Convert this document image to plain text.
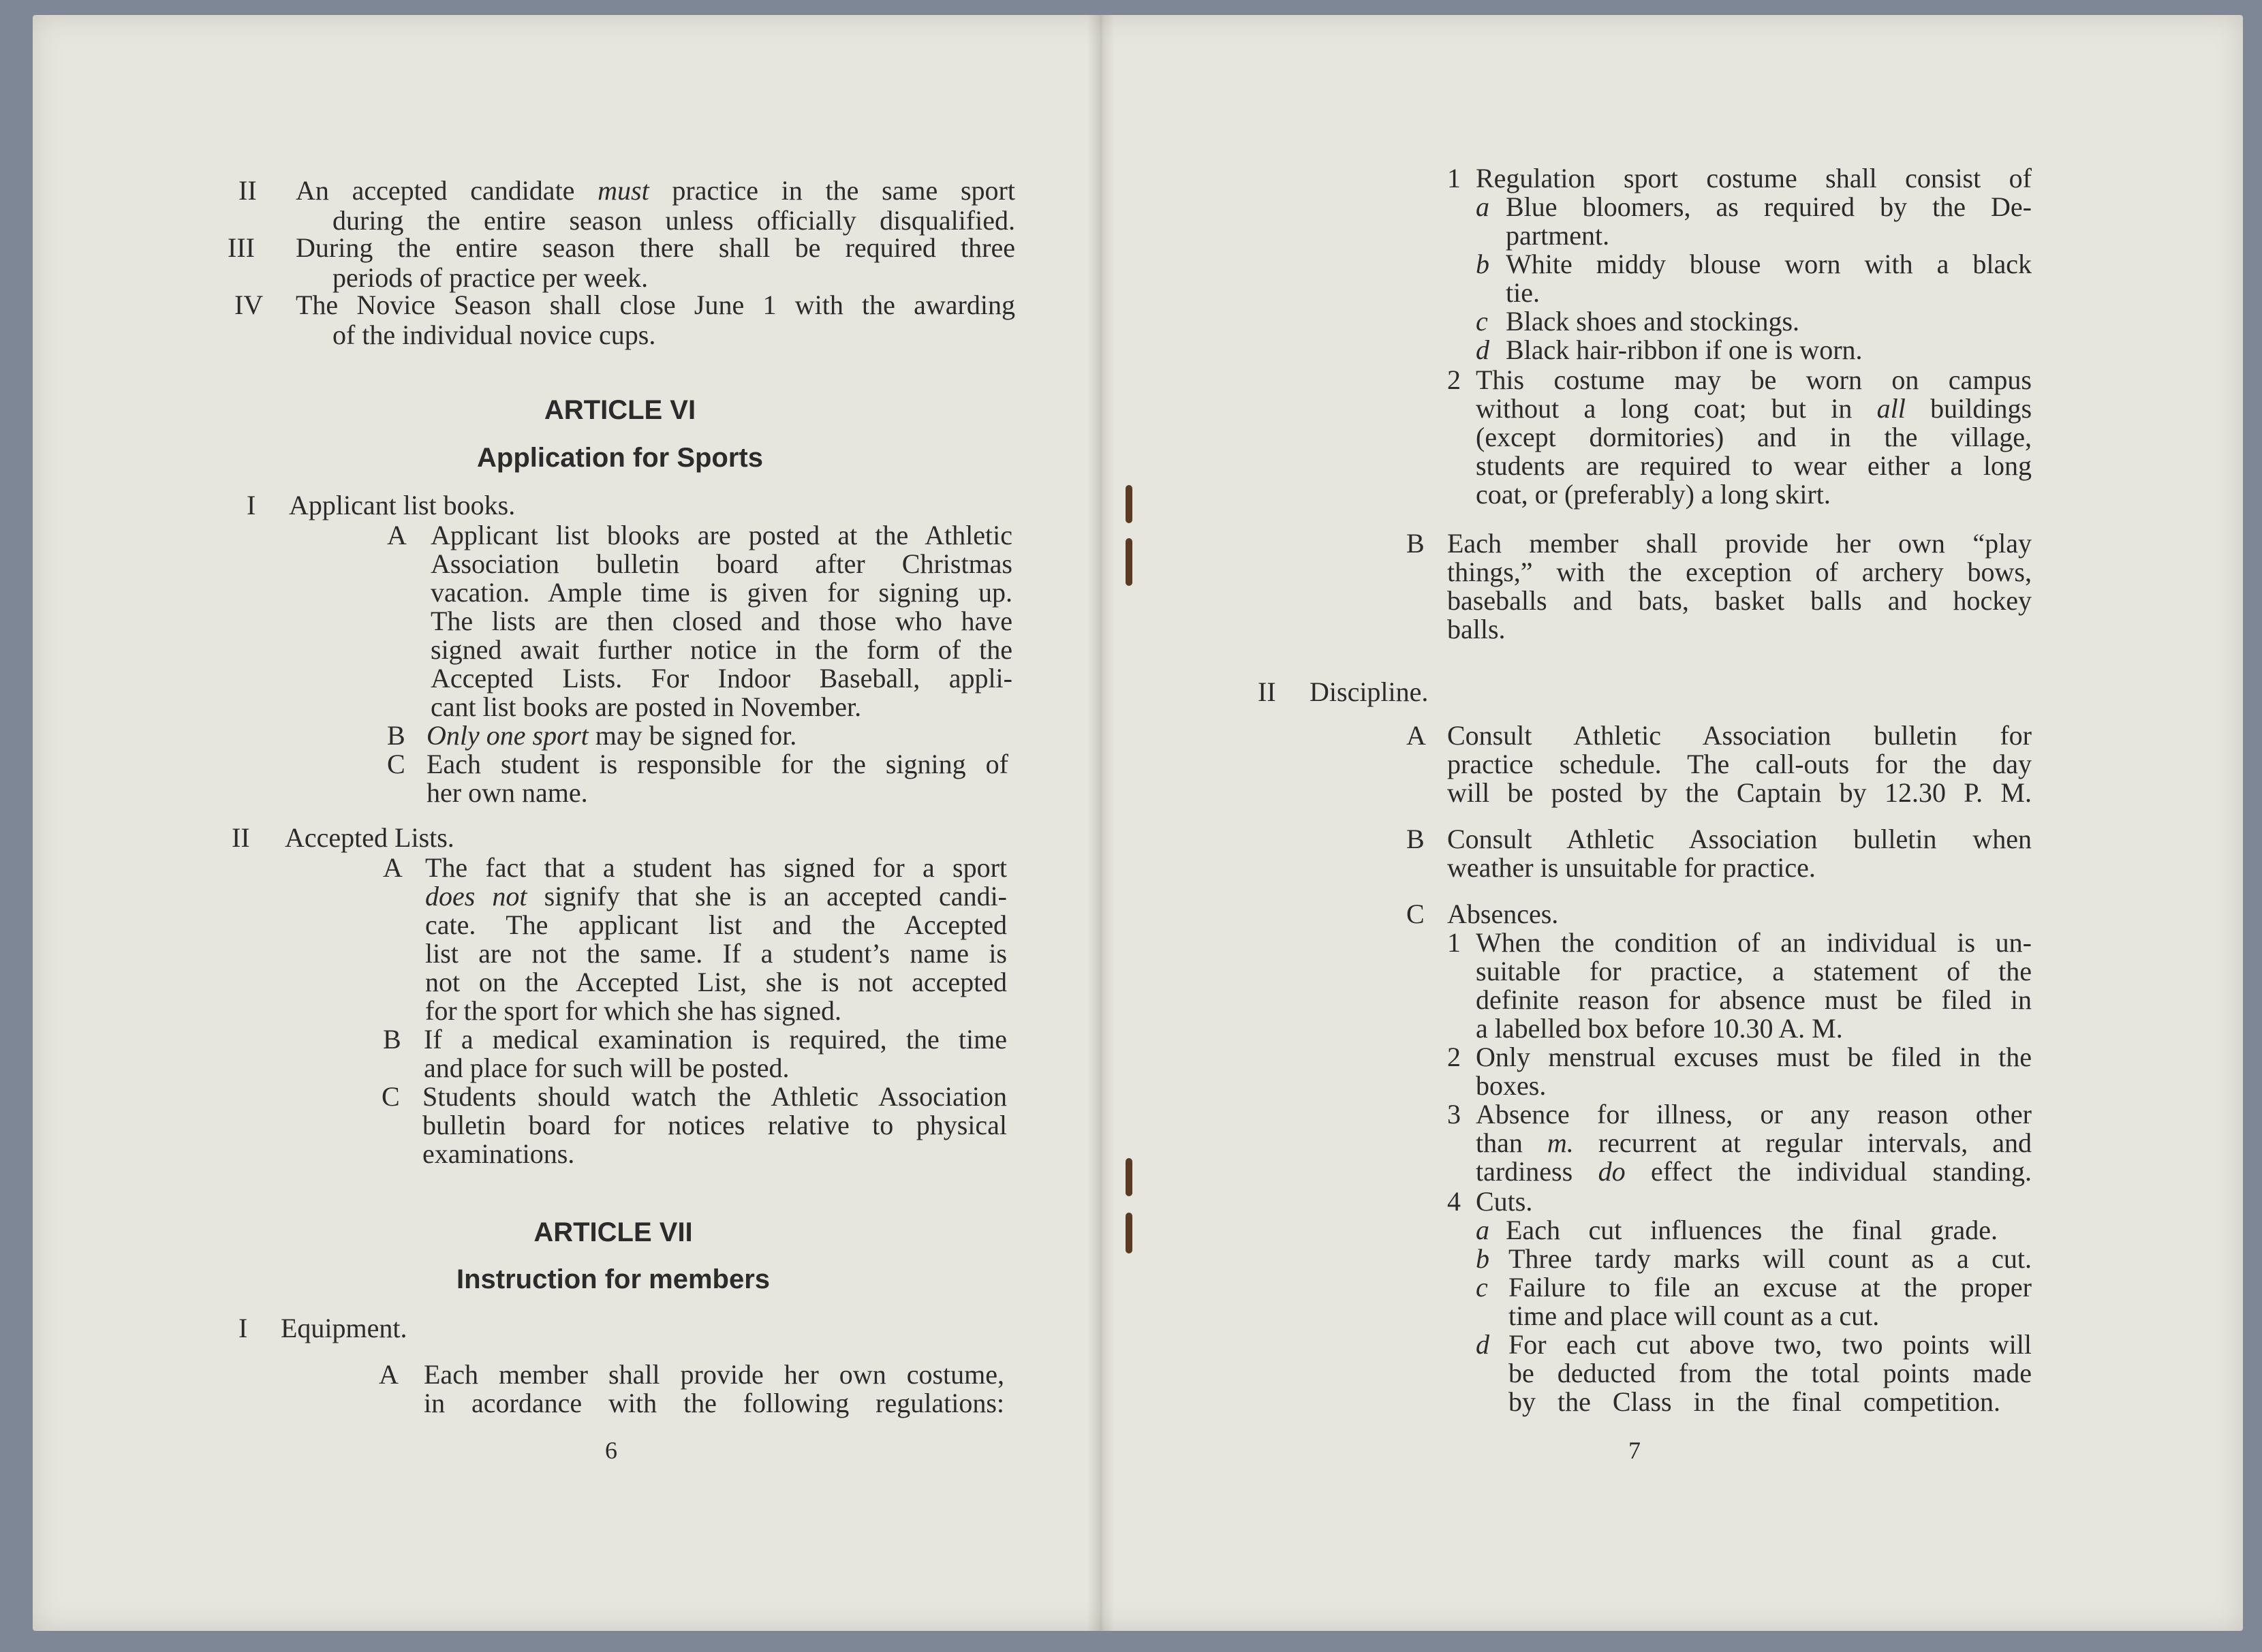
II An accepted candidate must practice in the same sport
during the entire season unless officially disqualified.
III During the entire season there shall be required three
periods of practice per week.
IV The Novice Season shall close June 1 with the awarding
of the individual novice cups.
ARTICLE VI
Application for Sports
I Applicant list books.
A Applicant list blooks are posted at the Athletic
Association bulletin board after Christmas
vacation. Ample time is given for signing up.
The lists are then closed and those who have
signed await further notice in the form of the
Accepted Lists. For Indoor Baseball, appli-
cant list books are posted in November.
B Only one sport may be signed for.
C Each student is responsible for the signing of
her own name.
II Accepted Lists.
A The fact that a student has signed for a sport
does not signify that she is an accepted candi-
cate. The applicant list and the Accepted
list are not the same. If a student’s name is
not on the Accepted List, she is not accepted
for the sport for which she has signed.
B If a medical examination is required, the time
and place for such will be posted.
C Students should watch the Athletic Association
bulletin board for notices relative to physical
examinations.
ARTICLE VII
Instruction for members
I Equipment.
A Each member shall provide her own costume,
in acordance with the following regulations:
6
1 Regulation sport costume shall consist of
a Blue bloomers, as required by the De-
partment.
b White middy blouse worn with a black
tie.
c Black shoes and stockings.
d Black hair-ribbon if one is worn.
2 This costume may be worn on campus
without a long coat; but in all buildings
(except dormitories) and in the village,
students are required to wear either a long
coat, or (preferably) a long skirt.
B Each member shall provide her own “play
things,” with the exception of archery bows,
baseballs and bats, basket balls and hockey
balls.
II Discipline.
A Consult Athletic Association bulletin for
practice schedule. The call-outs for the day
will be posted by the Captain by 12.30 P. M.
B Consult Athletic Association bulletin when
weather is unsuitable for practice.
C Absences.
1 When the condition of an individual is un-
suitable for practice, a statement of the
definite reason for absence must be filed in
a labelled box before 10.30 A. M.
2 Only menstrual excuses must be filed in the
boxes.
3 Absence for illness, or any reason other
than m. recurrent at regular intervals, and
tardiness do effect the individual standing.
4 Cuts.
a Each cut influences the final grade.
b Three tardy marks will count as a cut.
c Failure to file an excuse at the proper
time and place will count as a cut.
d For each cut above two, two points will
be deducted from the total points made
by the Class in the final competition.
7
